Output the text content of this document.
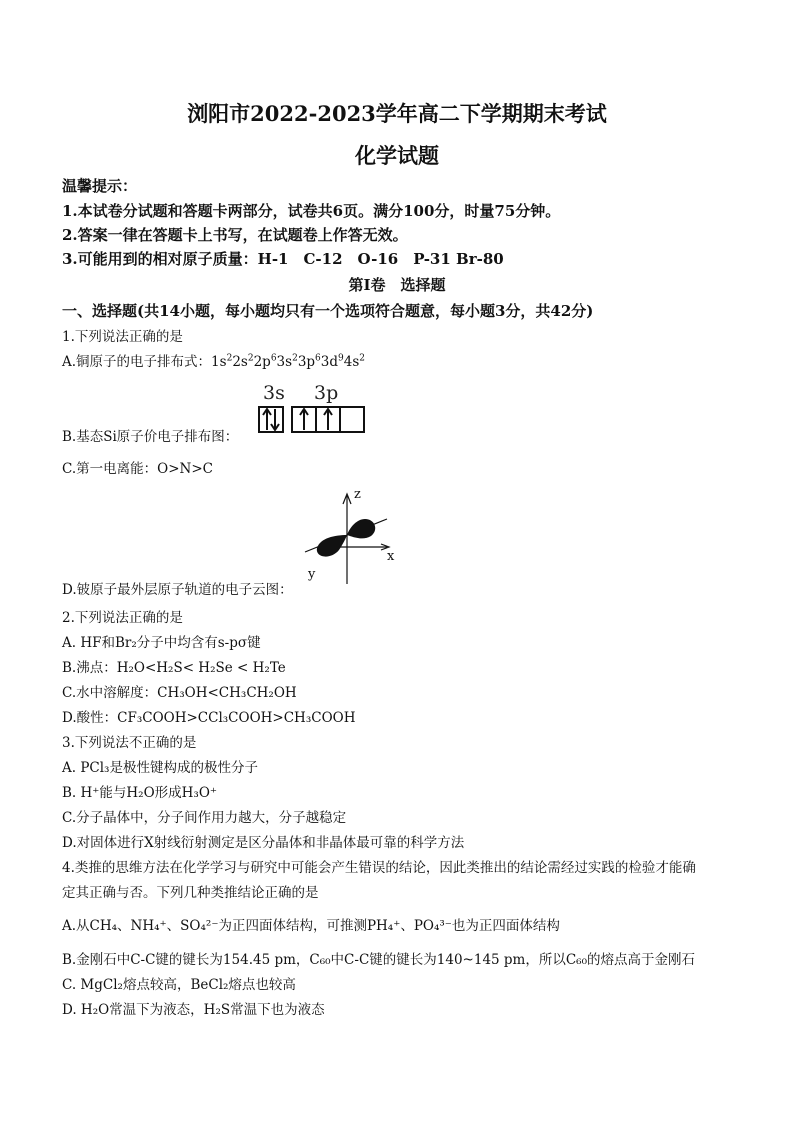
浏阳市2022-2023学年高二下学期期末考试
化学试题
温馨提示：
1.本试卷分试题和答题卡两部分，试卷共6页。满分100分，时量75分钟。
2.答案一律在答题卡上书写，在试题卷上作答无效。
3.可能用到的相对原子质量：H-1　C-12　O-16　P-31 Br-80
第Ⅰ卷　选择题
一、选择题(共14小题，每小题均只有一个选项符合题意，每小题3分，共42分)
1.下列说法正确的是
A.铜原子的电子排布式：$1s^22s^22p^63s^23p^63d^94s^2$
3s 3p
B.基态Si原子价电子排布图：
C.第一电离能：O>N>C
z
x
y
D.铍原子最外层原子轨道的电子云图：
2.下列说法正确的是
A. HF和Br₂分子中均含有s-pσ键
B.沸点：H₂O<H₂S< H₂Se < H₂Te
C.水中溶解度：CH₃OH<CH₃CH₂OH
D.酸性：CF₃COOH>CCl₃COOH>CH₃COOH
3.下列说法不正确的是
A. PCl₃是极性键构成的极性分子
B. H⁺能与H₂O形成H₃O⁺
C.分子晶体中，分子间作用力越大，分子越稳定
D.对固体进行X射线衍射测定是区分晶体和非晶体最可靠的科学方法
4.类推的思维方法在化学学习与研究中可能会产生错误的结论，因此类推出的结论需经过实践的检验才能确
定其正确与否。下列几种类推结论正确的是
A.从CH₄、NH₄⁺、SO₄²⁻为正四面体结构，可推测PH₄⁺、PO₄³⁻也为正四面体结构
B.金刚石中C-C键的键长为154.45 pm，C₆₀中C-C键的键长为140~145 pm，所以C₆₀的熔点高于金刚石
C. MgCl₂熔点较高，BeCl₂熔点也较高
D. H₂O常温下为液态，H₂S常温下也为液态
